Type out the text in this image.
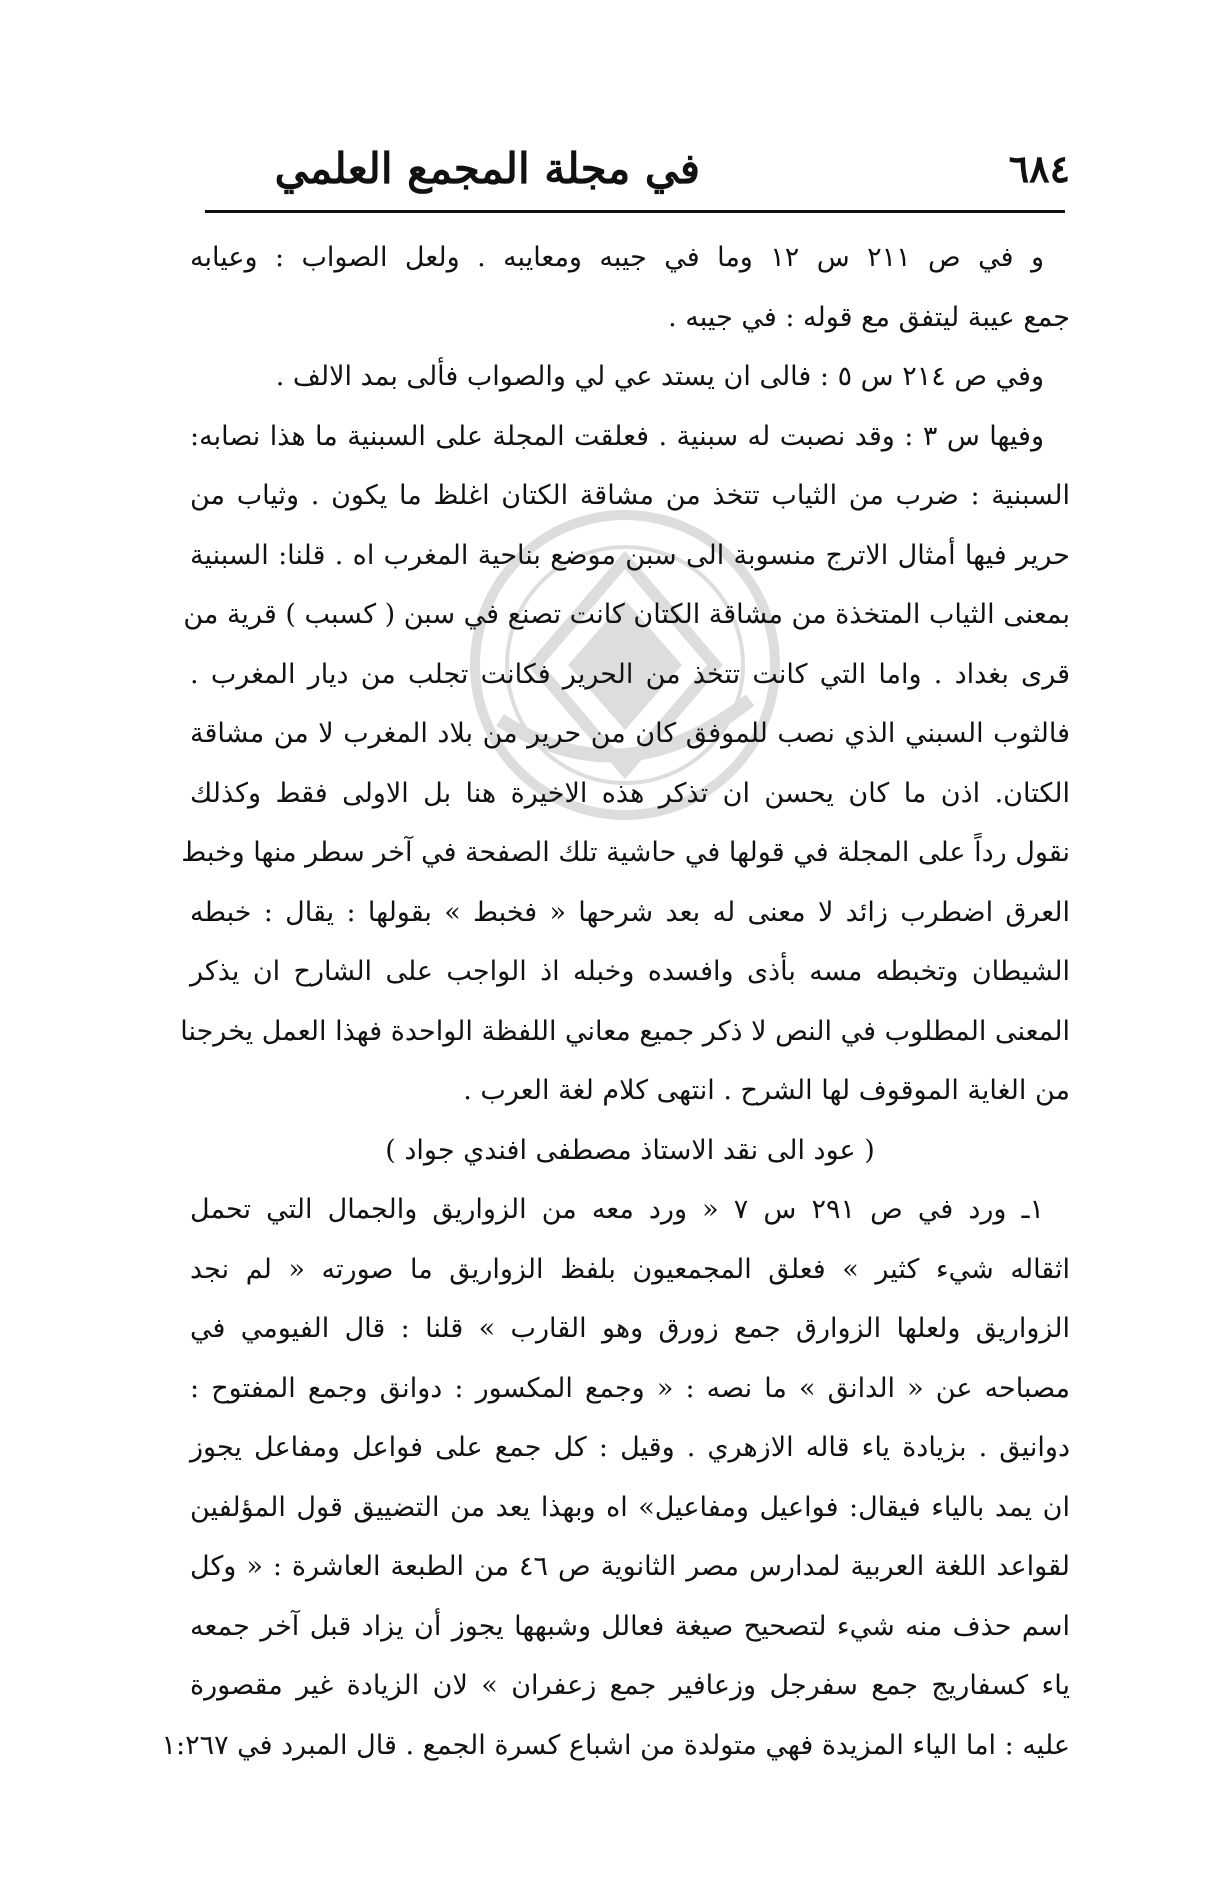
في مجلة المجمع العلمي	٦٨٤
و في ص ٢١١ س ١٢ وما في جيبه ومعايبه . ولعل الصواب : وعيابه
جمع عيبة ليتفق مع قوله : في جيبه .
وفي ص ٢١٤ س ٥ : فالى ان يستد عي لي والصواب فألى بمد الالف .
وفيها س ٣ : وقد نصبت له سبنية . فعلقت المجلة على السبنية ما هذا نصابه:
السبنية : ضرب من الثياب تتخذ من مشاقة الكتان اغلظ ما يكون . وثياب من
حرير فيها أمثال الاترج منسوبة الى سبن موضع بناحية المغرب اه . قلنا: السبنية
بمعنى الثياب المتخذة من مشاقة الكتان كانت تصنع في سبن ( كسبب ) قرية من
قرى بغداد . واما التي كانت تتخذ من الحرير فكانت تجلب من ديار المغرب .
فالثوب السبني الذي نصب للموفق كان من حرير من بلاد المغرب لا من مشاقة
الكتان. اذن ما كان يحسن ان تذكر هذه الاخيرة هنا بل الاولى فقط وكذلك
نقول رداً على المجلة في قولها في حاشية تلك الصفحة في آخر سطر منها وخبط
العرق اضطرب زائد لا معنى له بعد شرحها « فخبط » بقولها : يقال : خبطه
الشيطان وتخبطه مسه بأذى وافسده وخبله اذ الواجب على الشارح ان يذكر
المعنى المطلوب في النص لا ذكر جميع معاني اللفظة الواحدة فهذا العمل يخرجنا
من الغاية الموقوف لها الشرح . انتهى كلام لغة العرب .
( عود الى نقد الاستاذ مصطفى افندي جواد )
١ـ ورد في ص ٢٩١ س ٧ « ورد معه من الزواريق والجمال التي تحمل
اثقاله شيء كثير » فعلق المجمعيون بلفظ الزواريق ما صورته « لم نجد
الزواريق ولعلها الزوارق جمع زورق وهو القارب » قلنا : قال الفيومي في
مصباحه عن « الدانق » ما نصه : « وجمع المكسور : دوانق وجمع المفتوح :
دوانيق . بزيادة ياء قاله الازهري . وقيل : كل جمع على فواعل ومفاعل يجوز
ان يمد بالياء فيقال: فواعيل ومفاعيل» اه وبهذا يعد من التضييق قول المؤلفين
لقواعد اللغة العربية لمدارس مصر الثانوية ص ٤٦ من الطبعة العاشرة : « وكل
اسم حذف منه شيء لتصحيح صيغة فعالل وشبهها يجوز أن يزاد قبل آخر جمعه
ياء كسفاريج جمع سفرجل وزعافير جمع زعفران » لان الزيادة غير مقصورة
عليه : اما الياء المزيدة فهي متولدة من اشباع كسرة الجمع . قال المبرد في ١:٢٦٧
